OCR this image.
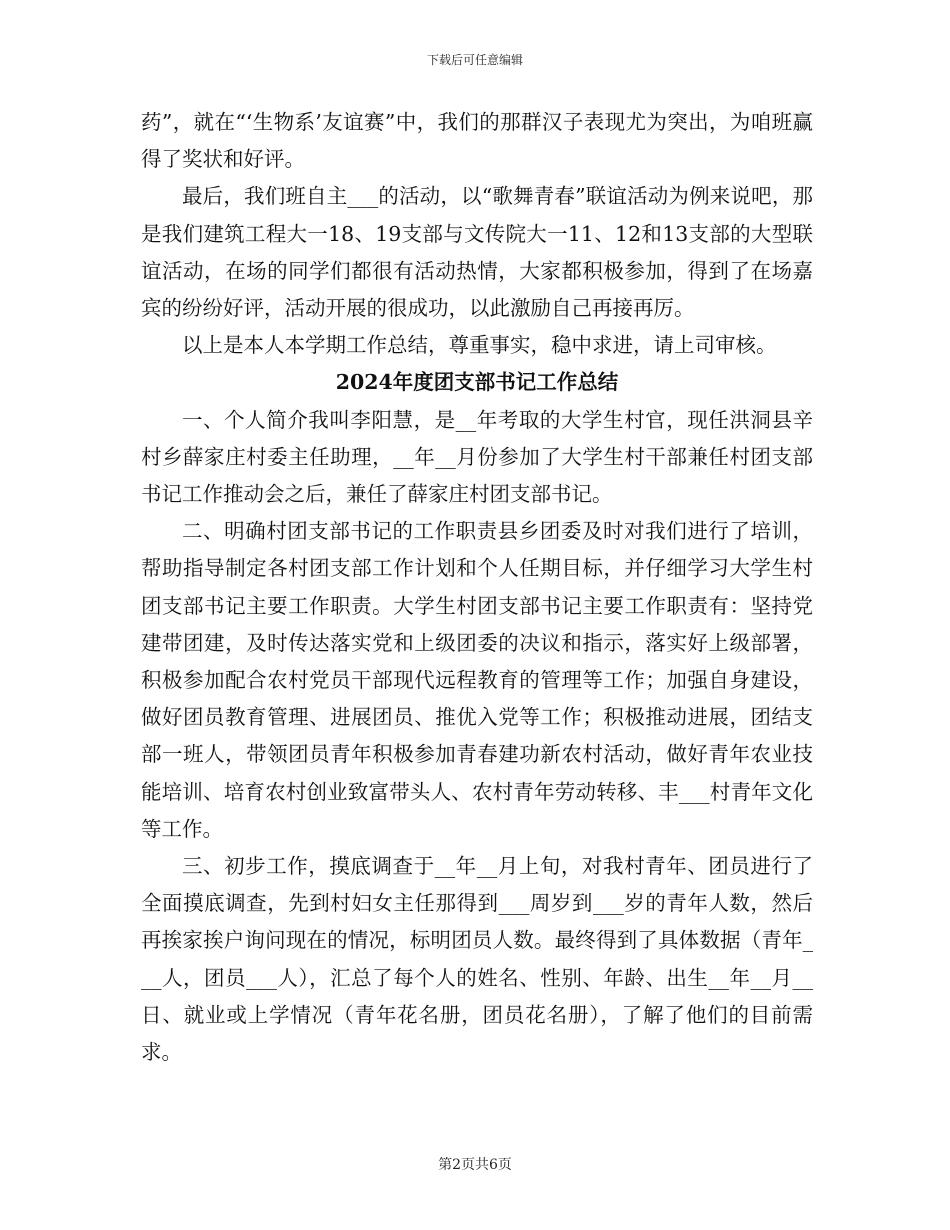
下载后可任意编辑

药”，就在“‘生物系’友谊赛”中，我们的那群汉子表现尤为突出，为咱班赢得了奖状和好评。

最后，我们班自主___的活动，以“歌舞青春”联谊活动为例来说吧，那是我们建筑工程大一18、19支部与文传院大一11、12和13支部的大型联谊活动，在场的同学们都很有活动热情，大家都积极参加，得到了在场嘉宾的纷纷好评，活动开展的很成功，以此激励自己再接再厉。

以上是本人本学期工作总结，尊重事实，稳中求进，请上司审核。

2024年度团支部书记工作总结

一、个人简介我叫李阳慧，是__年考取的大学生村官，现任洪洞县辛村乡薛家庄村委主任助理，__年__月份参加了大学生村干部兼任村团支部书记工作推动会之后，兼任了薛家庄村团支部书记。

二、明确村团支部书记的工作职责县乡团委及时对我们进行了培训，帮助指导制定各村团支部工作计划和个人任期目标，并仔细学习大学生村团支部书记主要工作职责。大学生村团支部书记主要工作职责有：坚持党建带团建，及时传达落实党和上级团委的决议和指示，落实好上级部署，积极参加配合农村党员干部现代远程教育的管理等工作；加强自身建设，做好团员教育管理、进展团员、推优入党等工作；积极推动进展，团结支部一班人，带领团员青年积极参加青春建功新农村活动，做好青年农业技能培训、培育农村创业致富带头人、农村青年劳动转移、丰___村青年文化等工作。

三、初步工作，摸底调查于__年__月上旬，对我村青年、团员进行了全面摸底调查，先到村妇女主任那得到___周岁到___岁的青年人数，然后再挨家挨户询问现在的情况，标明团员人数。最终得到了具体数据（青年___人，团员___人），汇总了每个人的姓名、性别、年龄、出生__年__月__日、就业或上学情况（青年花名册，团员花名册），了解了他们的目前需求。

第2页共6页
